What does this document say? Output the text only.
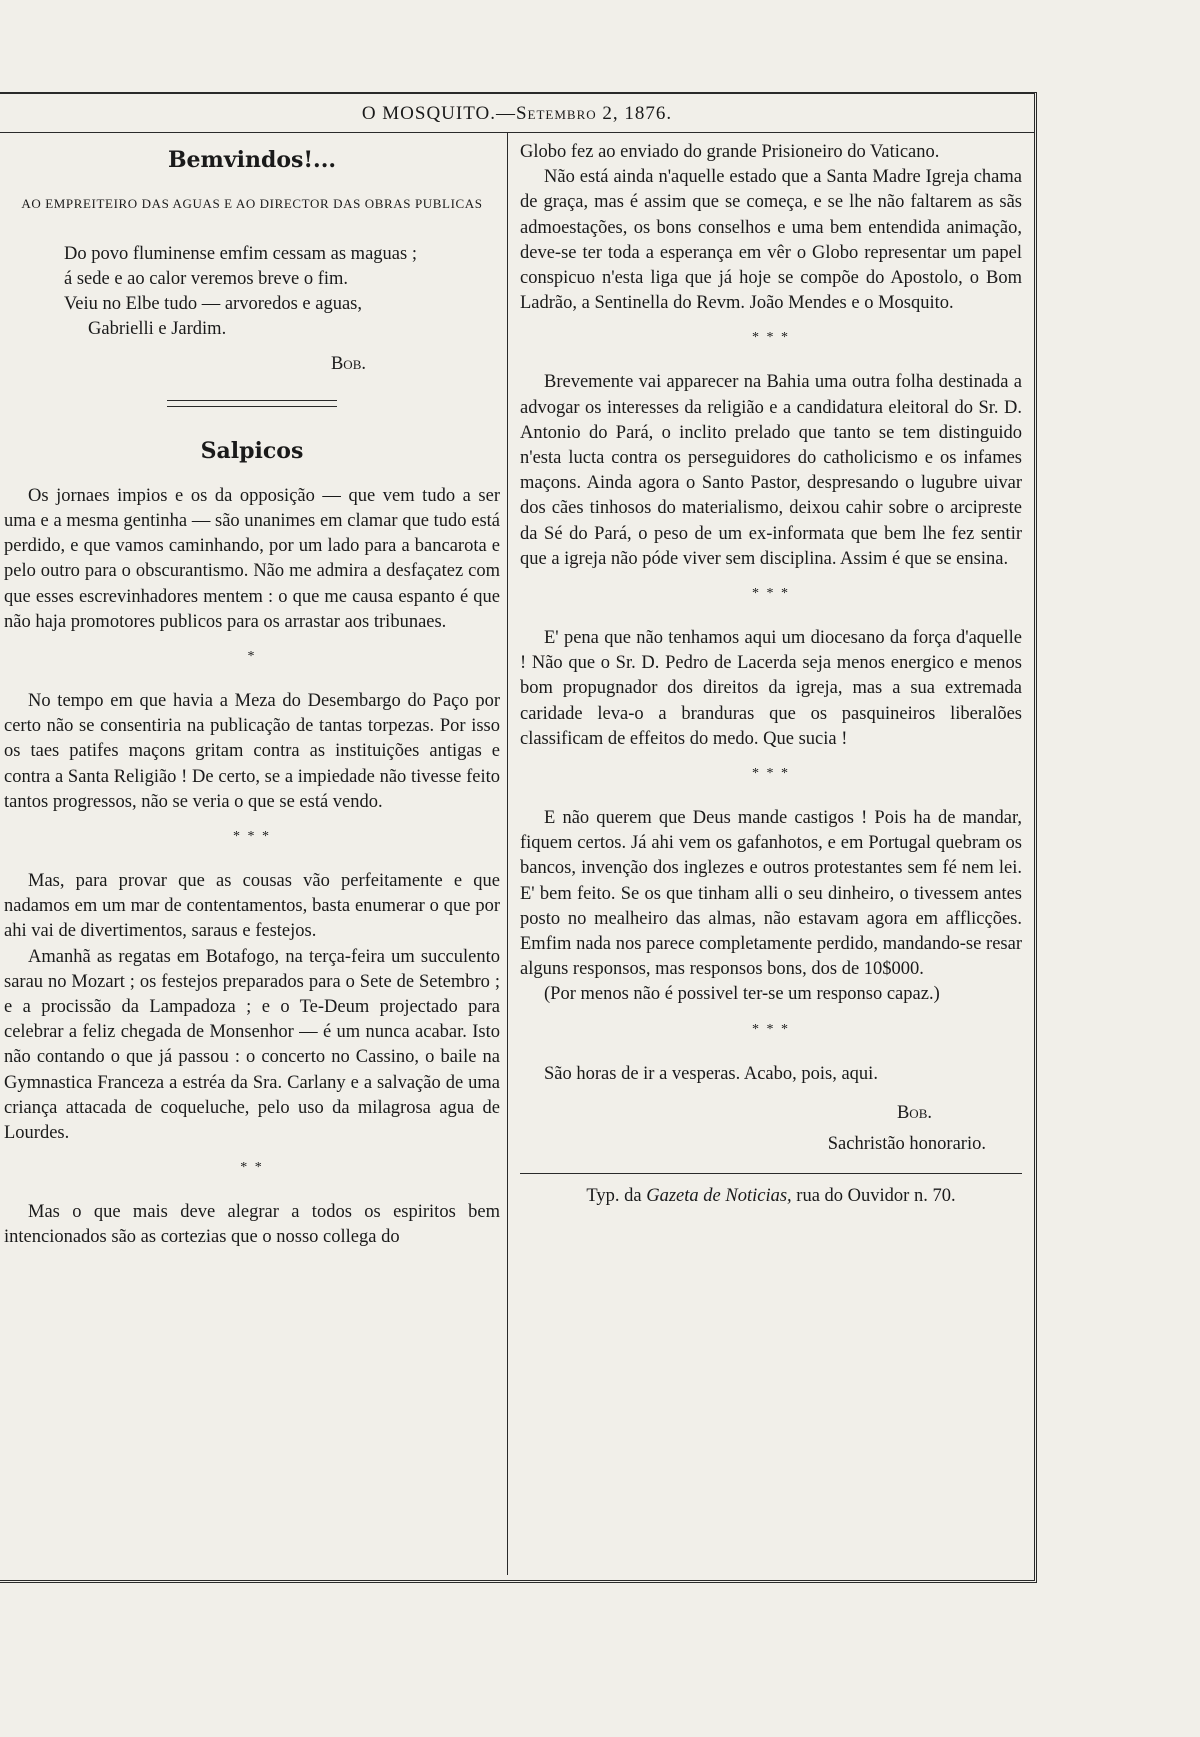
O MOSQUITO.—Setembro 2, 1876.
Bemvindos!...
AO EMPREITEIRO DAS AGUAS E AO DIRECTOR DAS OBRAS PUBLICAS
Do povo fluminense emfim cessam as maguas ;
á sede e ao calor veremos breve o fim.
Veiu no Elbe tudo — arvoredos e aguas,
Gabrielli e Jardim.
Bob.
Salpicos

Os jornaes impios e os da opposição — que vem tudo a ser uma e a mesma gentinha — são unanimes em clamar que tudo está perdido, e que vamos caminhando, por um lado para a bancarota e pelo outro para o obscurantismo. Não me admira a desfaçatez com que esses escrevinhadores mentem : o que me causa espanto é que não haja promotores publicos para os arrastar aos tribunaes.

*

No tempo em que havia a Meza do Desembargo do Paço por certo não se consentiria na publicação de tantas torpezas. Por isso os taes patifes maçons gritam contra as instituições antigas e contra a Santa Religião ! De certo, se a impiedade não tivesse feito tantos progressos, não se veria o que se está vendo.

* * *

Mas, para provar que as cousas vão perfeitamente e que nadamos em um mar de contentamentos, basta enumerar o que por ahi vai de divertimentos, saraus e festejos.

Amanhã as regatas em Botafogo, na terça-feira um succulento sarau no Mozart ; os festejos preparados para o Sete de Setembro ; e a procissão da Lampadoza ; e o Te-Deum projectado para celebrar a feliz chegada de Monsenhor — é um nunca acabar. Isto não contando o que já passou : o concerto no Cassino, o baile na Gymnastica Franceza a estréa da Sra. Carlany e a salvação de uma criança attacada de coqueluche, pelo uso da milagrosa agua de Lourdes.

* *

Mas o que mais deve alegrar a todos os espiritos bem intencionados são as cortezias que o nosso collega do

Globo fez ao enviado do grande Prisioneiro do Vaticano.

Não está ainda n'aquelle estado que a Santa Madre Igreja chama de graça, mas é assim que se começa, e se lhe não faltarem as sãs admoestações, os bons conselhos e uma bem entendida animação, deve-se ter toda a esperança em vêr o Globo representar um papel conspicuo n'esta liga que já hoje se compõe do Apostolo, o Bom Ladrão, a Sentinella do Revm. João Mendes e o Mosquito.

* * *

Brevemente vai apparecer na Bahia uma outra folha destinada a advogar os interesses da religião e a candidatura eleitoral do Sr. D. Antonio do Pará, o inclito prelado que tanto se tem distinguido n'esta lucta contra os perseguidores do catholicismo e os infames maçons. Ainda agora o Santo Pastor, despresando o lugubre uivar dos cães tinhosos do materialismo, deixou cahir sobre o arcipreste da Sé do Pará, o peso de um ex-informata que bem lhe fez sentir que a igreja não póde viver sem disciplina. Assim é que se ensina.

* * *

E' pena que não tenhamos aqui um diocesano da força d'aquelle ! Não que o Sr. D. Pedro de Lacerda seja menos energico e menos bom propugnador dos direitos da igreja, mas a sua extremada caridade leva-o a branduras que os pasquineiros liberalões classificam de effeitos do medo. Que sucia !

* * *

E não querem que Deus mande castigos ! Pois ha de mandar, fiquem certos. Já ahi vem os gafanhotos, e em Portugal quebram os bancos, invenção dos inglezes e outros protestantes sem fé nem lei. E' bem feito. Se os que tinham alli o seu dinheiro, o tivessem antes posto no mealheiro das almas, não estavam agora em afflicções. Emfim nada nos parece completamente perdido, mandando-se resar alguns responsos, mas responsos bons, dos de 10$000.

(Por menos não é possivel ter-se um responso capaz.)

* * *

São horas de ir a vesperas. Acabo, pois, aqui.

Bob.
Sachristão honorario.
Typ. da Gazeta de Noticias, rua do Ouvidor n. 70.
